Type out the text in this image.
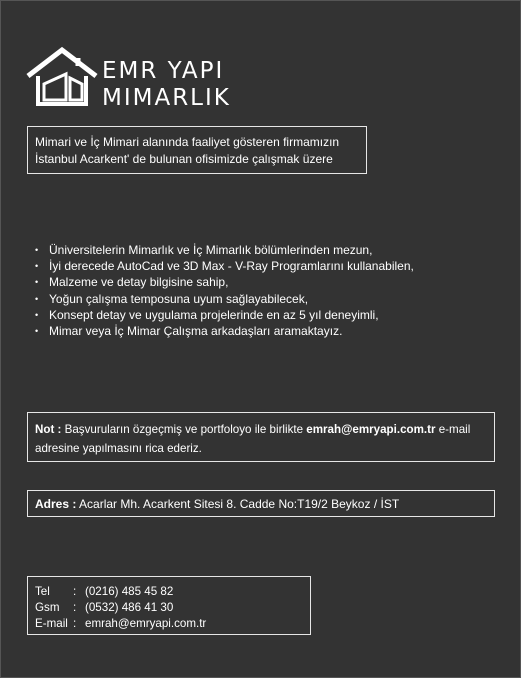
EMR YAPI
MIMARLIK
Mimari ve İç Mimari alanında faaliyet gösteren firmamızın
İstanbul Acarkent' de bulunan ofisimizde çalışmak üzere
• Üniversitelerin Mimarlık ve İç Mimarlık bölümlerinden mezun,
• İyi derecede AutoCad ve 3D Max - V-Ray Programlarını kullanabilen,
• Malzeme ve detay bilgisine sahip,
• Yoğun çalışma temposuna uyum sağlayabilecek,
• Konsept detay ve uygulama projelerinde en az 5 yıl deneyimli,
• Mimar veya İç Mimar Çalışma arkadaşları aramaktayız.
Not : Başvuruların özgeçmiş ve portfoloyo ile birlikte emrah@emryapi.com.tr e-mail adresine yapılmasını rica ederiz.
Adres : Acarlar Mh. Acarkent Sitesi 8. Cadde No:T19/2 Beykoz / İST
Tel	: (0216) 485 45 82
Gsm	: (0532) 486 41 30
E-mail : emrah@emryapi.com.tr
